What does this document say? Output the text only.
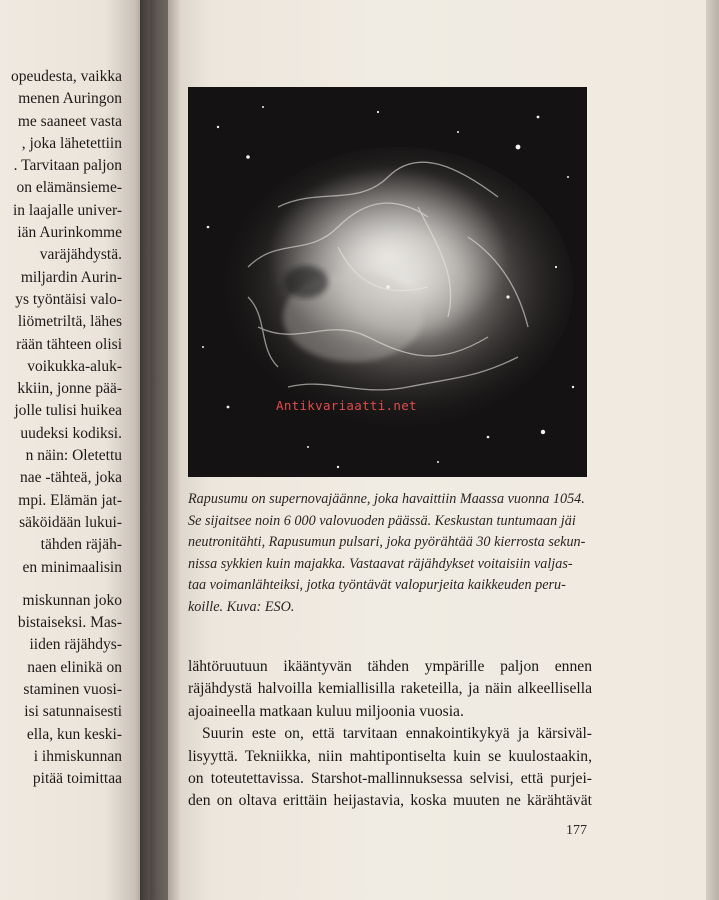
opeudesta, vaikka
menen Auringon
me saaneet vasta
, joka lähetettiin
. Tarvitaan paljon
on elämänsieme-
in laajalle univer-
iän Aurinkomme
varäjähdystä.
miljardin Aurin-
ys työntäisi valo-
liömetriltä, lähes
rään tähteen olisi
voikukka-aluk-
kkiin, jonne pää-
jolle tulisi huikea
uudeksi kodiksi.
n näin: Oletettu
nae -tähteä, joka
mpi. Elämän jat-
säköidään lukui-
tähden räjäh-
en minimaalisin
miskunnan joko
bistaiseksi. Mas-
iiden räjähdys-
naen elinikä on
staminen vuosi-
isi satunnaisesti
ella, kun keski-
i ihmiskunnan
pitää toimittaa
Antikvariaatti.net
Rapusumu on supernovajäänne, joka havaittiin Maassa vuonna 1054.
Se sijaitsee noin 6 000 valovuoden päässä. Keskustan tuntumaan jäi
neutronitähti, Rapusumun pulsari, joka pyörähtää 30 kierrosta sekun-
nissa sykkien kuin majakka. Vastaavat räjähdykset voitaisiin valjas-
taa voimanlähteiksi, jotka työntävät valopurjeita kaikkeuden peru-
koille. Kuva: ESO.
lähtöruutuun ikääntyvän tähden ympärille paljon ennen
räjähdystä halvoilla kemiallisilla raketeilla, ja näin alkeellisella
ajoaineella matkaan kuluu miljoonia vuosia.
Suurin este on, että tarvitaan ennakointikykyä ja kärsiväl-
lisyyttä. Tekniikka, niin mahtipontiselta kuin se kuulostaakin,
on toteutettavissa. Starshot-mallinnuksessa selvisi, että purjei-
den on oltava erittäin heijastavia, koska muuten ne kärähtävät
177
